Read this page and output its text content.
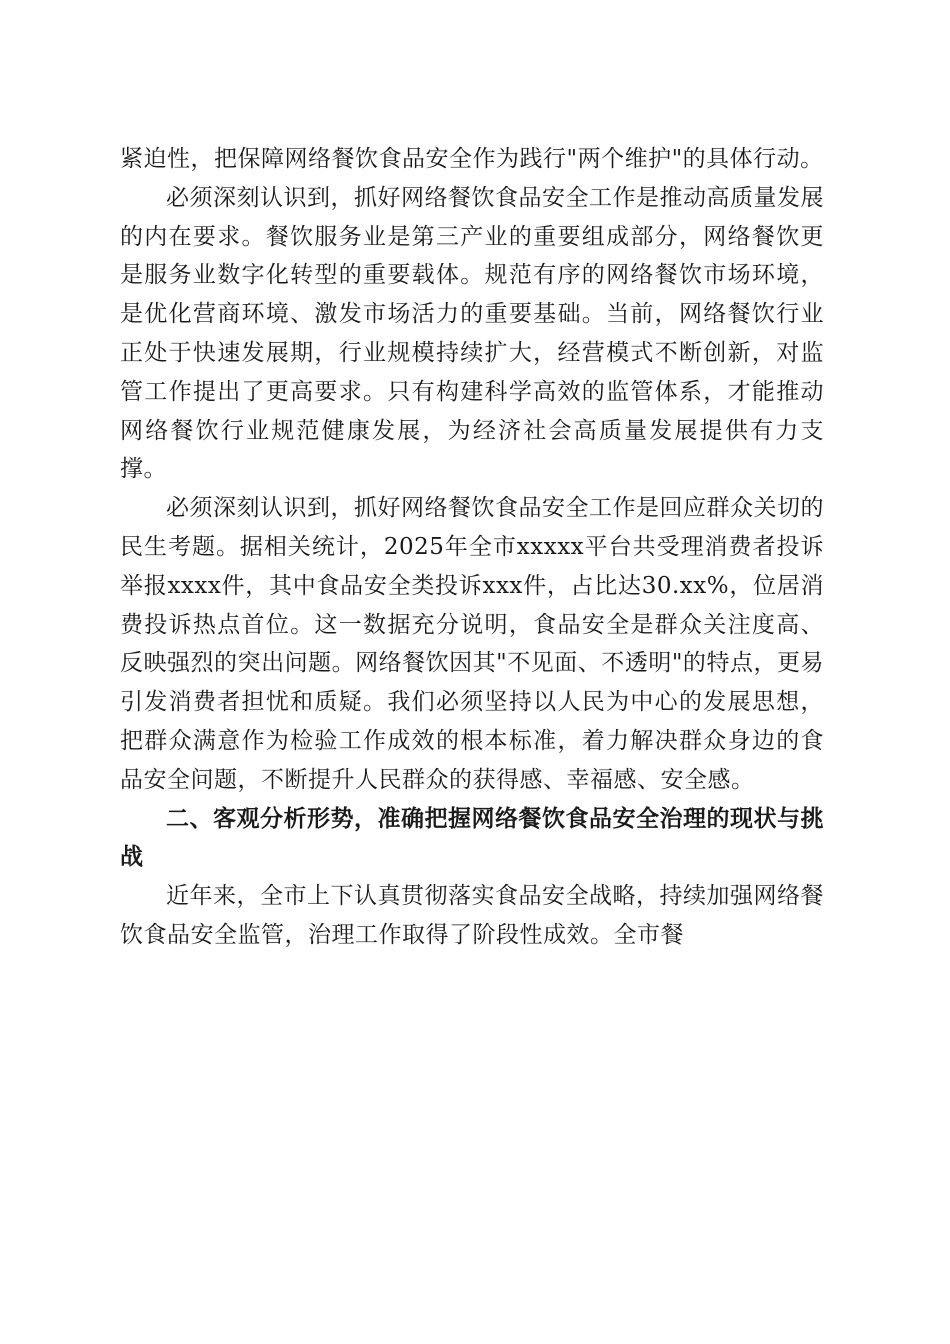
紧迫性，把保障网络餐饮食品安全作为践行"两个维护"的具体行动。

必须深刻认识到，抓好网络餐饮食品安全工作是推动高质量发展的内在要求。餐饮服务业是第三产业的重要组成部分，网络餐饮更是服务业数字化转型的重要载体。规范有序的网络餐饮市场环境，是优化营商环境、激发市场活力的重要基础。当前，网络餐饮行业正处于快速发展期，行业规模持续扩大，经营模式不断创新，对监管工作提出了更高要求。只有构建科学高效的监管体系，才能推动网络餐饮行业规范健康发展，为经济社会高质量发展提供有力支撑。

必须深刻认识到，抓好网络餐饮食品安全工作是回应群众关切的民生考题。据相关统计，2025年全市xxxxx平台共受理消费者投诉举报xxxx件，其中食品安全类投诉xxx件，占比达30.xx%，位居消费投诉热点首位。这一数据充分说明，食品安全是群众关注度高、反映强烈的突出问题。网络餐饮因其"不见面、不透明"的特点，更易引发消费者担忧和质疑。我们必须坚持以人民为中心的发展思想，把群众满意作为检验工作成效的根本标准，着力解决群众身边的食品安全问题，不断提升人民群众的获得感、幸福感、安全感。

二、客观分析形势，准确把握网络餐饮食品安全治理的现状与挑战

近年来，全市上下认真贯彻落实食品安全战略，持续加强网络餐饮食品安全监管，治理工作取得了阶段性成效。全市餐
